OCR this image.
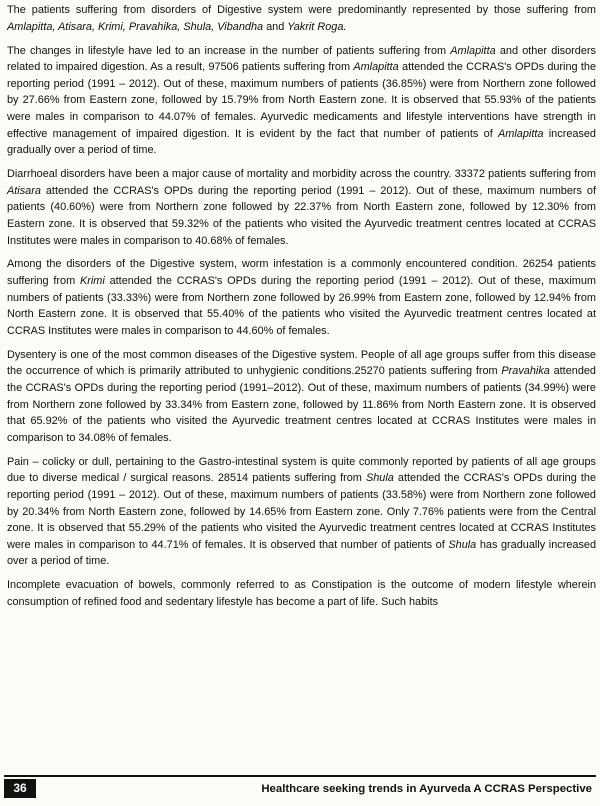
The patients suffering from disorders of Digestive system were predominantly represented by those suffering from Amlapitta, Atisara, Krimi, Pravahika, Shula, Vibandha and Yakrit Roga.

The changes in lifestyle have led to an increase in the number of patients suffering from Amlapitta and other disorders related to impaired digestion. As a result, 97506 patients suffering from Amlapitta attended the CCRAS's OPDs during the reporting period (1991 – 2012). Out of these, maximum numbers of patients (36.85%) were from Northern zone followed by 27.66% from Eastern zone, followed by 15.79% from North Eastern zone. It is observed that 55.93% of the patients were males in comparison to 44.07% of females. Ayurvedic medicaments and lifestyle interventions have strength in effective management of impaired digestion. It is evident by the fact that number of patients of Amlapitta increased gradually over a period of time.

Diarrhoeal disorders have been a major cause of mortality and morbidity across the country. 33372 patients suffering from Atisara attended the CCRAS's OPDs during the reporting period (1991 – 2012). Out of these, maximum numbers of patients (40.60%) were from Northern zone followed by 22.37% from North Eastern zone, followed by 12.30% from Eastern zone. It is observed that 59.32% of the patients who visited the Ayurvedic treatment centres located at CCRAS Institutes were males in comparison to 40.68% of females.

Among the disorders of the Digestive system, worm infestation is a commonly encountered condition. 26254 patients suffering from Krimi attended the CCRAS's OPDs during the reporting period (1991 – 2012). Out of these, maximum numbers of patients (33.33%) were from Northern zone followed by 26.99% from Eastern zone, followed by 12.94% from North Eastern zone. It is observed that 55.40% of the patients who visited the Ayurvedic treatment centres located at CCRAS Institutes were males in comparison to 44.60% of females.

Dysentery is one of the most common diseases of the Digestive system. People of all age groups suffer from this disease the occurrence of which is primarily attributed to unhygienic conditions.25270 patients suffering from Pravahika attended the CCRAS's OPDs during the reporting period (1991–2012). Out of these, maximum numbers of patients (34.99%) were from Northern zone followed by 33.34% from Eastern zone, followed by 11.86% from North Eastern zone. It is observed that 65.92% of the patients who visited the Ayurvedic treatment centres located at CCRAS Institutes were males in comparison to 34.08% of females.

Pain – colicky or dull, pertaining to the Gastro-intestinal system is quite commonly reported by patients of all age groups due to diverse medical / surgical reasons. 28514 patients suffering from Shula attended the CCRAS's OPDs during the reporting period (1991 – 2012). Out of these, maximum numbers of patients (33.58%) were from Northern zone followed by 20.34% from North Eastern zone, followed by 14.65% from Eastern zone. Only 7.76% patients were from the Central zone. It is observed that 55.29% of the patients who visited the Ayurvedic treatment centres located at CCRAS Institutes were males in comparison to 44.71% of females. It is observed that number of patients of Shula has gradually increased over a period of time.

Incomplete evacuation of bowels, commonly referred to as Constipation is the outcome of modern lifestyle wherein consumption of refined food and sedentary lifestyle has become a part of life. Such habits

36	Healthcare seeking trends in Ayurveda A CCRAS Perspective
